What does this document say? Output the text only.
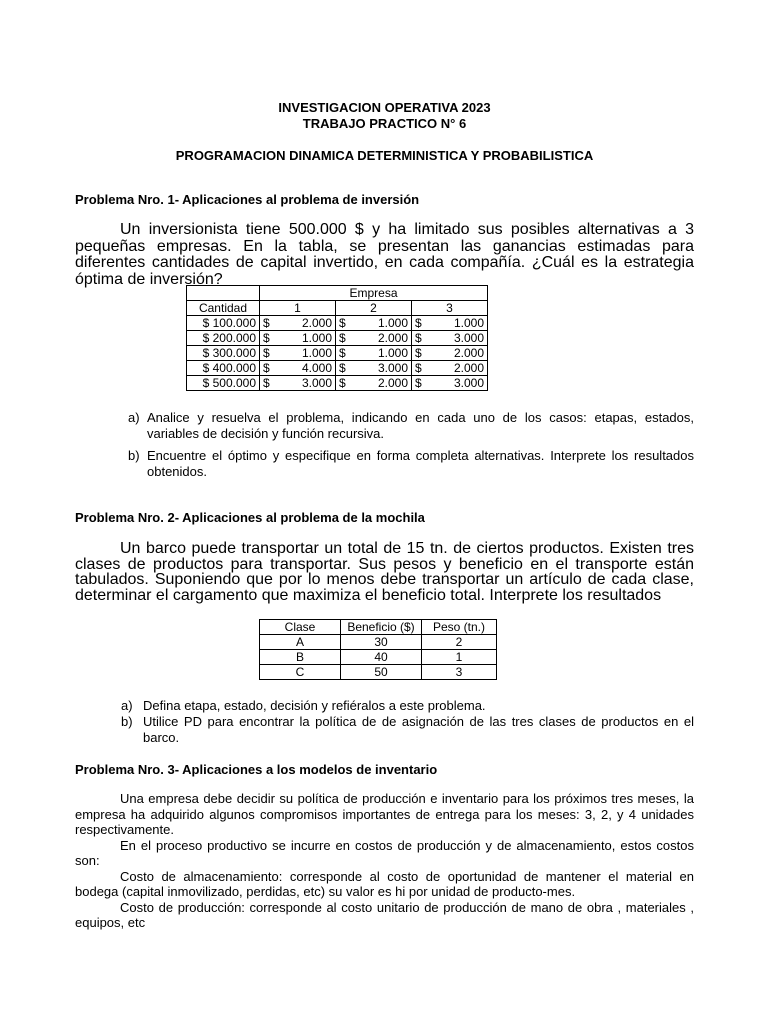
INVESTIGACION OPERATIVA 2023
TRABAJO PRACTICO N° 6
PROGRAMACION DINAMICA DETERMINISTICA Y PROBABILISTICA
Problema Nro. 1- Aplicaciones al problema de inversión
Un inversionista tiene 500.000 $ y ha limitado sus posibles alternativas a 3 pequeñas empresas. En la tabla, se presentan las ganancias estimadas para diferentes cantidades de capital invertido, en cada compañía. ¿Cuál es la estrategia óptima de inversión?
	Empresa		
Cantidad	1	2	3
$ 100.000	$ 2.000	$ 1.000	$ 1.000

$ 200.000	$ 1.000	$ 2.000	$ 3.000

$ 300.000	$ 1.000	$ 1.000	$ 2.000

$ 400.000	$ 4.000	$ 3.000	$ 2.000

$ 500.000	$ 3.000	$ 2.000	$ 3.000
a) Analice y resuelva el problema, indicando en cada uno de los casos: etapas, estados, variables de decisión y función recursiva.
b) Encuentre el óptimo y especifique en forma completa alternativas. Interprete los resultados obtenidos.
Problema Nro. 2- Aplicaciones al problema de la mochila
Un barco puede transportar un total de 15 tn. de ciertos productos. Existen tres clases de productos para transportar. Sus pesos y beneficio en el transporte están tabulados. Suponiendo que por lo menos debe transportar un artículo de cada clase, determinar el cargamento que maximiza el beneficio total. Interprete los resultados
Clase	Beneficio ($)	Peso (tn.)
A	30	2
B	40	1
C	50	3
a) Defina etapa, estado, decisión y refiéralos a este problema.
b) Utilice PD para encontrar la política de de asignación de las tres clases de productos en el barco.
Problema Nro. 3- Aplicaciones a los modelos de inventario
Una empresa debe decidir su política de producción e inventario para los próximos tres meses, la empresa ha adquirido algunos compromisos importantes de entrega para los meses: 3, 2, y 4 unidades respectivamente.
En el proceso productivo se incurre en costos de producción y de almacenamiento, estos costos son:
Costo de almacenamiento: corresponde al costo de oportunidad de mantener el material en bodega (capital inmovilizado, perdidas, etc) su valor es hi por unidad de producto-mes.
Costo de producción: corresponde al costo unitario de producción de mano de obra , materiales , equipos, etc
